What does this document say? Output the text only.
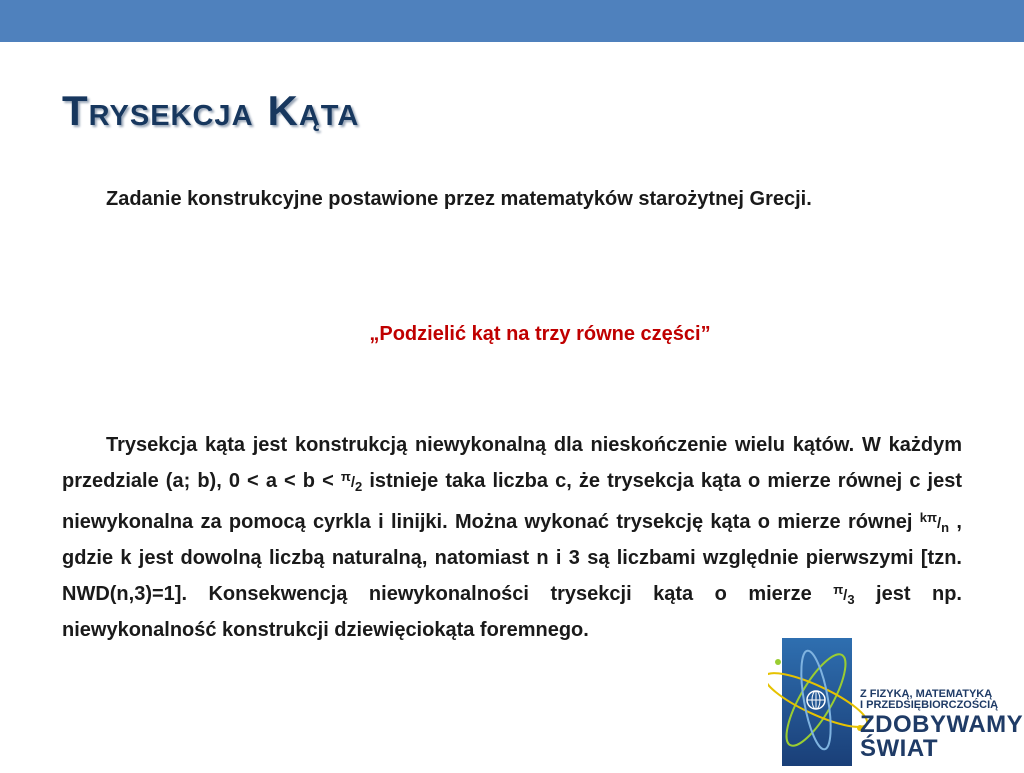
Trysekcja Kąta

Zadanie konstrukcyjne postawione przez matematyków starożytnej Grecji.

„Podzielić kąt na trzy równe części”

Trysekcja kąta jest konstrukcją niewykonalną dla nieskończenie wielu kątów. W każdym przedziale (a; b), $0 < a < b < ^\pi/_2$ istnieje taka liczba c, że trysekcja kąta o mierze równej c jest niewykonalna za pomocą cyrkla i linijki. Można wykonać trysekcję kąta o mierze równej $^{k\pi}/_n$ , gdzie k jest dowolną liczbą naturalną, natomiast n i 3 są liczbami względnie pierwszymi [tzn. NWD(n,3)=1]. Konsekwencją niewykonalności trysekcji kąta o mierze $^\pi/_3$ jest np. niewykonalność konstrukcji dziewięciokąta foremnego.

Z FIZYKĄ, MATEMATYKĄ
I PRZEDSIĘBIORCZOŚCIĄ
ZDOBYWAMY
ŚWIAT
